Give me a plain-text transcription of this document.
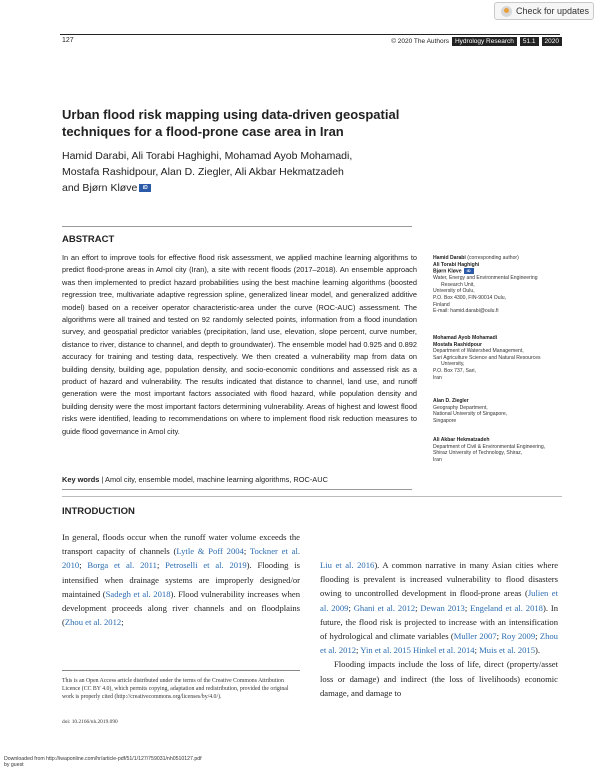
Check for updates
127	© 2020 The Authors Hydrology Research	51.1	2020
Urban flood risk mapping using data-driven geospatial techniques for a flood-prone case area in Iran
Hamid Darabi, Ali Torabi Haghighi, Mohamad Ayob Mohamadi,
Mostafa Rashidpour, Alan D. Ziegler, Ali Akbar Hekmatzadeh
and Bjørn Kløve iD
ABSTRACT
In an effort to improve tools for effective flood risk assessment, we applied machine learning algorithms to predict flood-prone areas in Amol city (Iran), a site with recent floods (2017–2018). An ensemble approach was then implemented to predict hazard probabilities using the best machine learning algorithms (boosted regression tree, multivariate adaptive regression spline, generalized linear model, and generalized additive model) based on a receiver operator characteristic-area under the curve (ROC-AUC) assessment. The algorithms were all trained and tested on 92 randomly selected points, information from a flood inundation survey, and geospatial predictor variables (precipitation, land use, elevation, slope percent, curve number, distance to river, distance to channel, and depth to groundwater). The ensemble model had 0.925 and 0.892 accuracy for training and testing data, respectively. We then created a vulnerability map from data on building density, building age, population density, and socio-economic conditions and assessed risk as a product of hazard and vulnerability. The results indicated that distance to channel, land use, and runoff generation were the most important factors associated with flood hazard, while population density and building density were the most important factors determining vulnerability. Areas of highest and lowest flood risks were identified, leading to recommendations on where to implement flood risk reduction measures to guide flood governance in Amol city.
Key words | Amol city, ensemble model, machine learning algorithms, ROC-AUC
Hamid Darabi (corresponding author)
Ali Torabi Haghighi
Bjørn Kløve iD
Water, Energy and Environmental Engineering
Research Unit,
University of Oulu,
P.O. Box 4300, FIN-90014 Oulu,
Finland
E-mail: hamid.darabi@oulu.fi
Mohamad Ayob Mohamadi
Mostafa Rashidpour
Department of Watershed Management,
Sari Agriculture Science and Natural Resources
University,
P.O. Box 737, Sari,
Iran
Alan D. Ziegler
Geography Department,
National University of Singapore,
Singapore
Ali Akbar Hekmatzadeh
Department of Civil & Environmental Engineering,
Shiraz University of Technology, Shiraz,
Iran
INTRODUCTION
In general, floods occur when the runoff water volume exceeds the transport capacity of channels (Lytle & Poff 2004; Tockner et al. 2010; Borga et al. 2011; Petroselli et al. 2019). Flooding is intensified when drainage systems are improperly designed/or maintained (Sadegh et al. 2018). Flood vulnerability increases when development proceeds along river channels and on floodplains (Zhou et al. 2012;
Liu et al. 2016). A common narrative in many Asian cities where flooding is prevalent is increased vulnerability to flood disasters owing to uncontrolled development in flood-prone areas (Julien et al. 2009; Ghani et al. 2012; Dewan 2013; Engeland et al. 2018). In future, the flood risk is projected to increase with an intensification of hydrological and climate variables (Muller 2007; Roy 2009; Zhou et al. 2012; Yin et al. 2015 Hinkel et al. 2014; Muis et al. 2015).
Flooding impacts include the loss of life, direct (property/asset loss or damage) and indirect (the loss of livelihoods) economic damage, and damage to
This is an Open Access article distributed under the terms of the Creative Commons Attribution Licence (CC BY 4.0), which permits copying, adaptation and redistribution, provided the original work is properly cited (http://creativecommons.org/licenses/by/4.0/).
doi: 10.2166/nh.2019.090
Downloaded from http://iwaponline.com/hr/article-pdf/51/1/127/759031/nh0510127.pdf
by guest
